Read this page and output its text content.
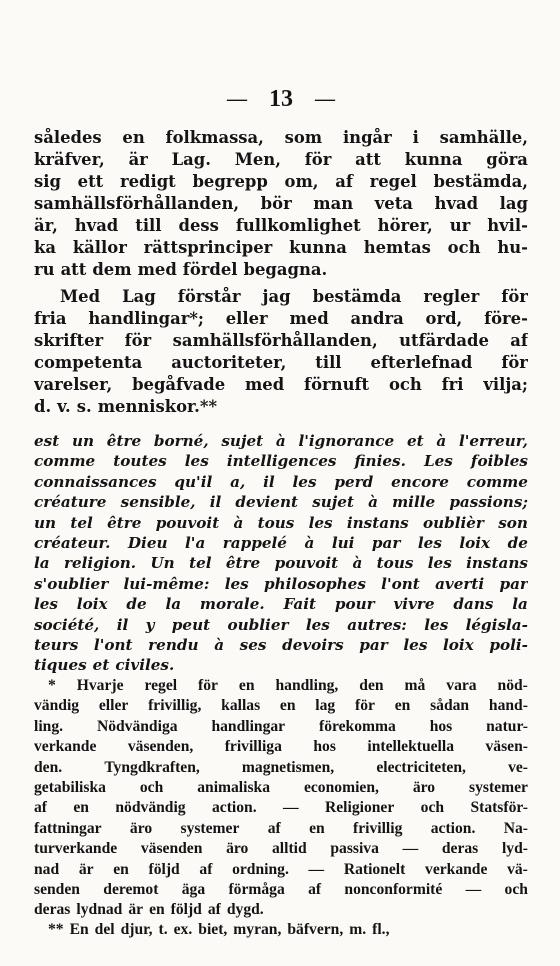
— 13 —
således en folkmassa, som ingår i samhälle,
kräfver, är Lag. Men, för att kunna göra
sig ett redigt begrepp om, af regel bestämda,
samhällsförhållanden, bör man veta hvad lag
är, hvad till dess fullkomlighet hörer, ur hvil-
ka källor rättsprinciper kunna hemtas och hu-
ru att dem med fördel begagna.
Med Lag förstår jag bestämda regler för
fria handlingar*; eller med andra ord, före-
skrifter för samhällsförhållanden, utfärdade af
competenta auctoriteter, till efterlefnad för
varelser, begåfvade med förnuft och fri vilja;
d. v. s. menniskor.**
est un être borné, sujet à l'ignorance et à l'erreur,
comme toutes les intelligences finies. Les foibles
connaissances qu'il a, il les perd encore comme
créature sensible, il devient sujet à mille passions;
un tel être pouvoit à tous les instans oublièr son
créateur. Dieu l'a rappelé à lui par les loix de
la religion. Un tel être pouvoit à tous les instans
s'oublier lui-même: les philosophes l'ont averti par
les loix de la morale. Fait pour vivre dans la
société, il y peut oublier les autres: les législa-
teurs l'ont rendu à ses devoirs par les loix poli-
tiques et civiles.
* Hvarje regel för en handling, den må vara nöd-
vändig eller frivillig, kallas en lag för en sådan hand-
ling. Nödvändiga handlingar förekomma hos natur-
verkande väsenden, frivilliga hos intellektuella väsen-
den.	Tyngdkraften,	magnetismen,	electriciteten,	ve-
getabiliska och animaliska economien, äro systemer
af en nödvändig action. — Religioner och Statsför-
fattningar äro systemer af en frivillig action. Na-
turverkande väsenden äro alltid passiva — deras lyd-
nad är en följd af ordning. — Rationelt verkande vä-
senden deremot äga förmåga af nonconformité — och
deras lydnad är en följd af dygd.
** En del djur, t. ex. biet, myran, bäfvern, m. fl.,
